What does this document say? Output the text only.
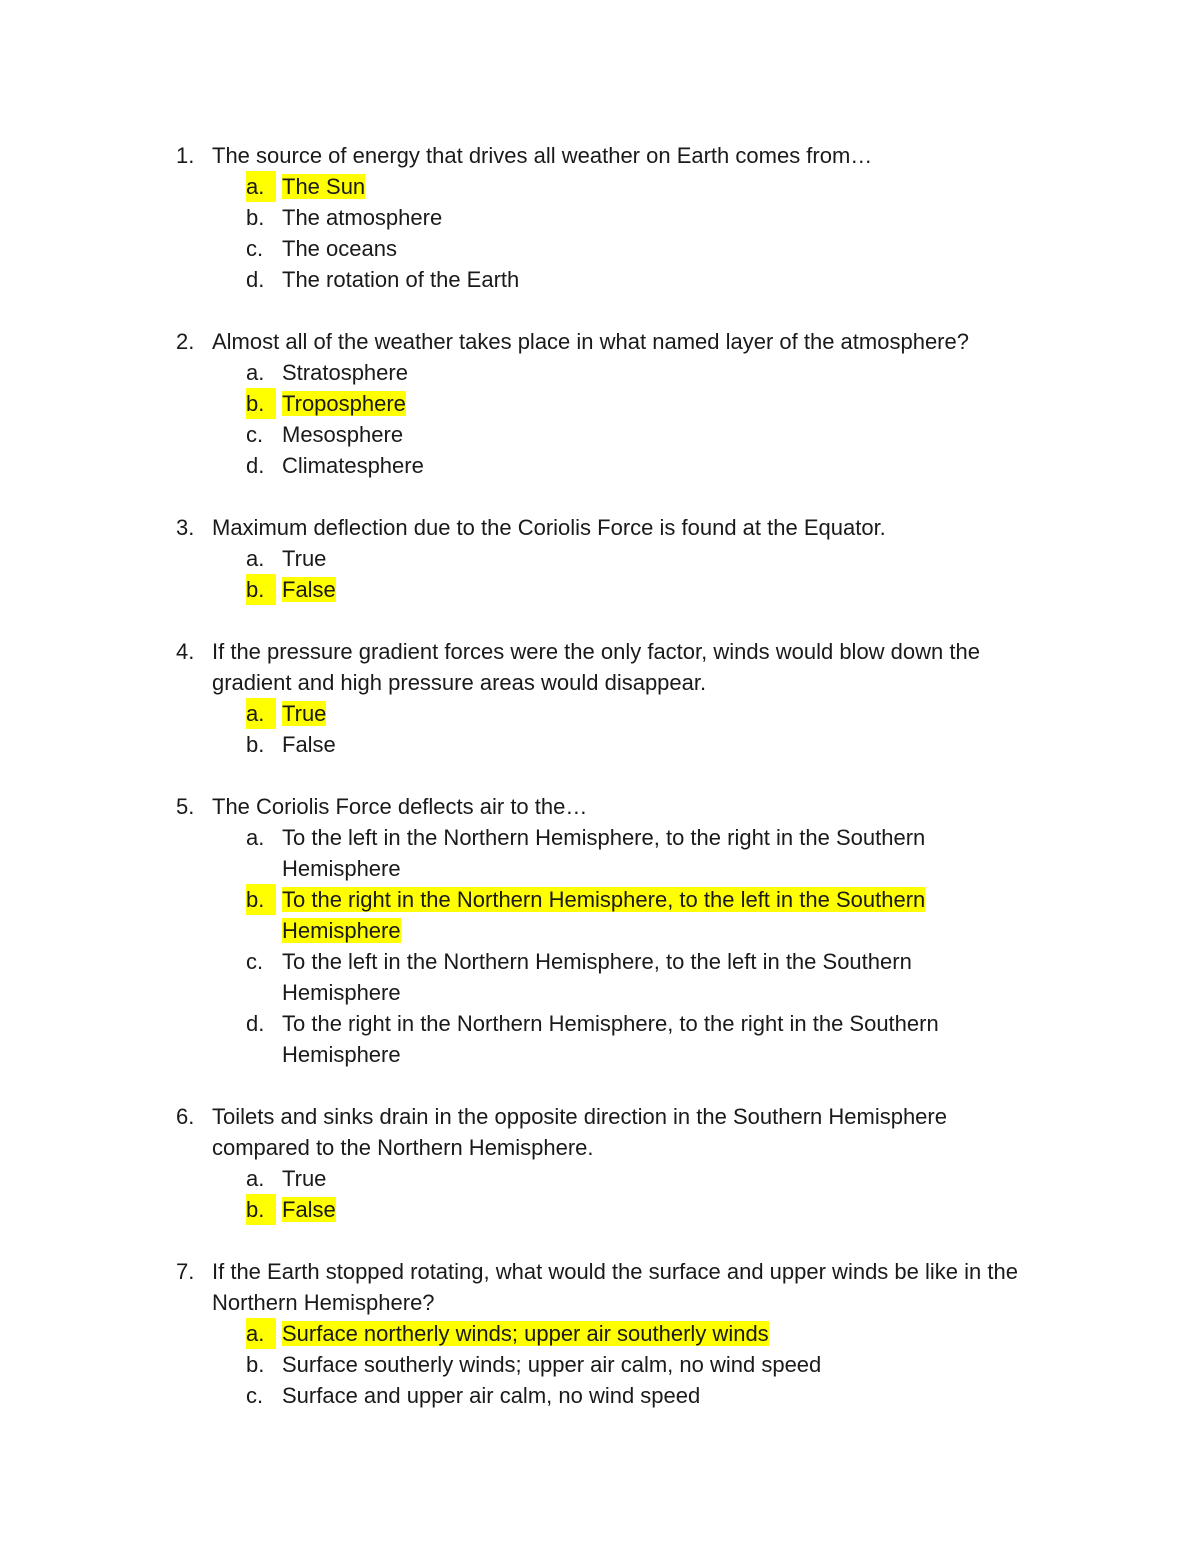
1. The source of energy that drives all weather on Earth comes from…
a. The Sun
b. The atmosphere
c. The oceans
d. The rotation of the Earth
2. Almost all of the weather takes place in what named layer of the atmosphere?
a. Stratosphere
b. Troposphere
c. Mesosphere
d. Climatesphere
3. Maximum deflection due to the Coriolis Force is found at the Equator.
a. True
b. False
4. If the pressure gradient forces were the only factor, winds would blow down the gradient and high pressure areas would disappear.
a. True
b. False
5. The Coriolis Force deflects air to the…
a. To the left in the Northern Hemisphere, to the right in the Southern Hemisphere
b. To the right in the Northern Hemisphere, to the left in the Southern Hemisphere
c. To the left in the Northern Hemisphere, to the left in the Southern Hemisphere
d. To the right in the Northern Hemisphere, to the right in the Southern Hemisphere
6. Toilets and sinks drain in the opposite direction in the Southern Hemisphere compared to the Northern Hemisphere.
a. True
b. False
7. If the Earth stopped rotating, what would the surface and upper winds be like in the Northern Hemisphere?
a. Surface northerly winds; upper air southerly winds
b. Surface southerly winds; upper air calm, no wind speed
c. Surface and upper air calm, no wind speed
